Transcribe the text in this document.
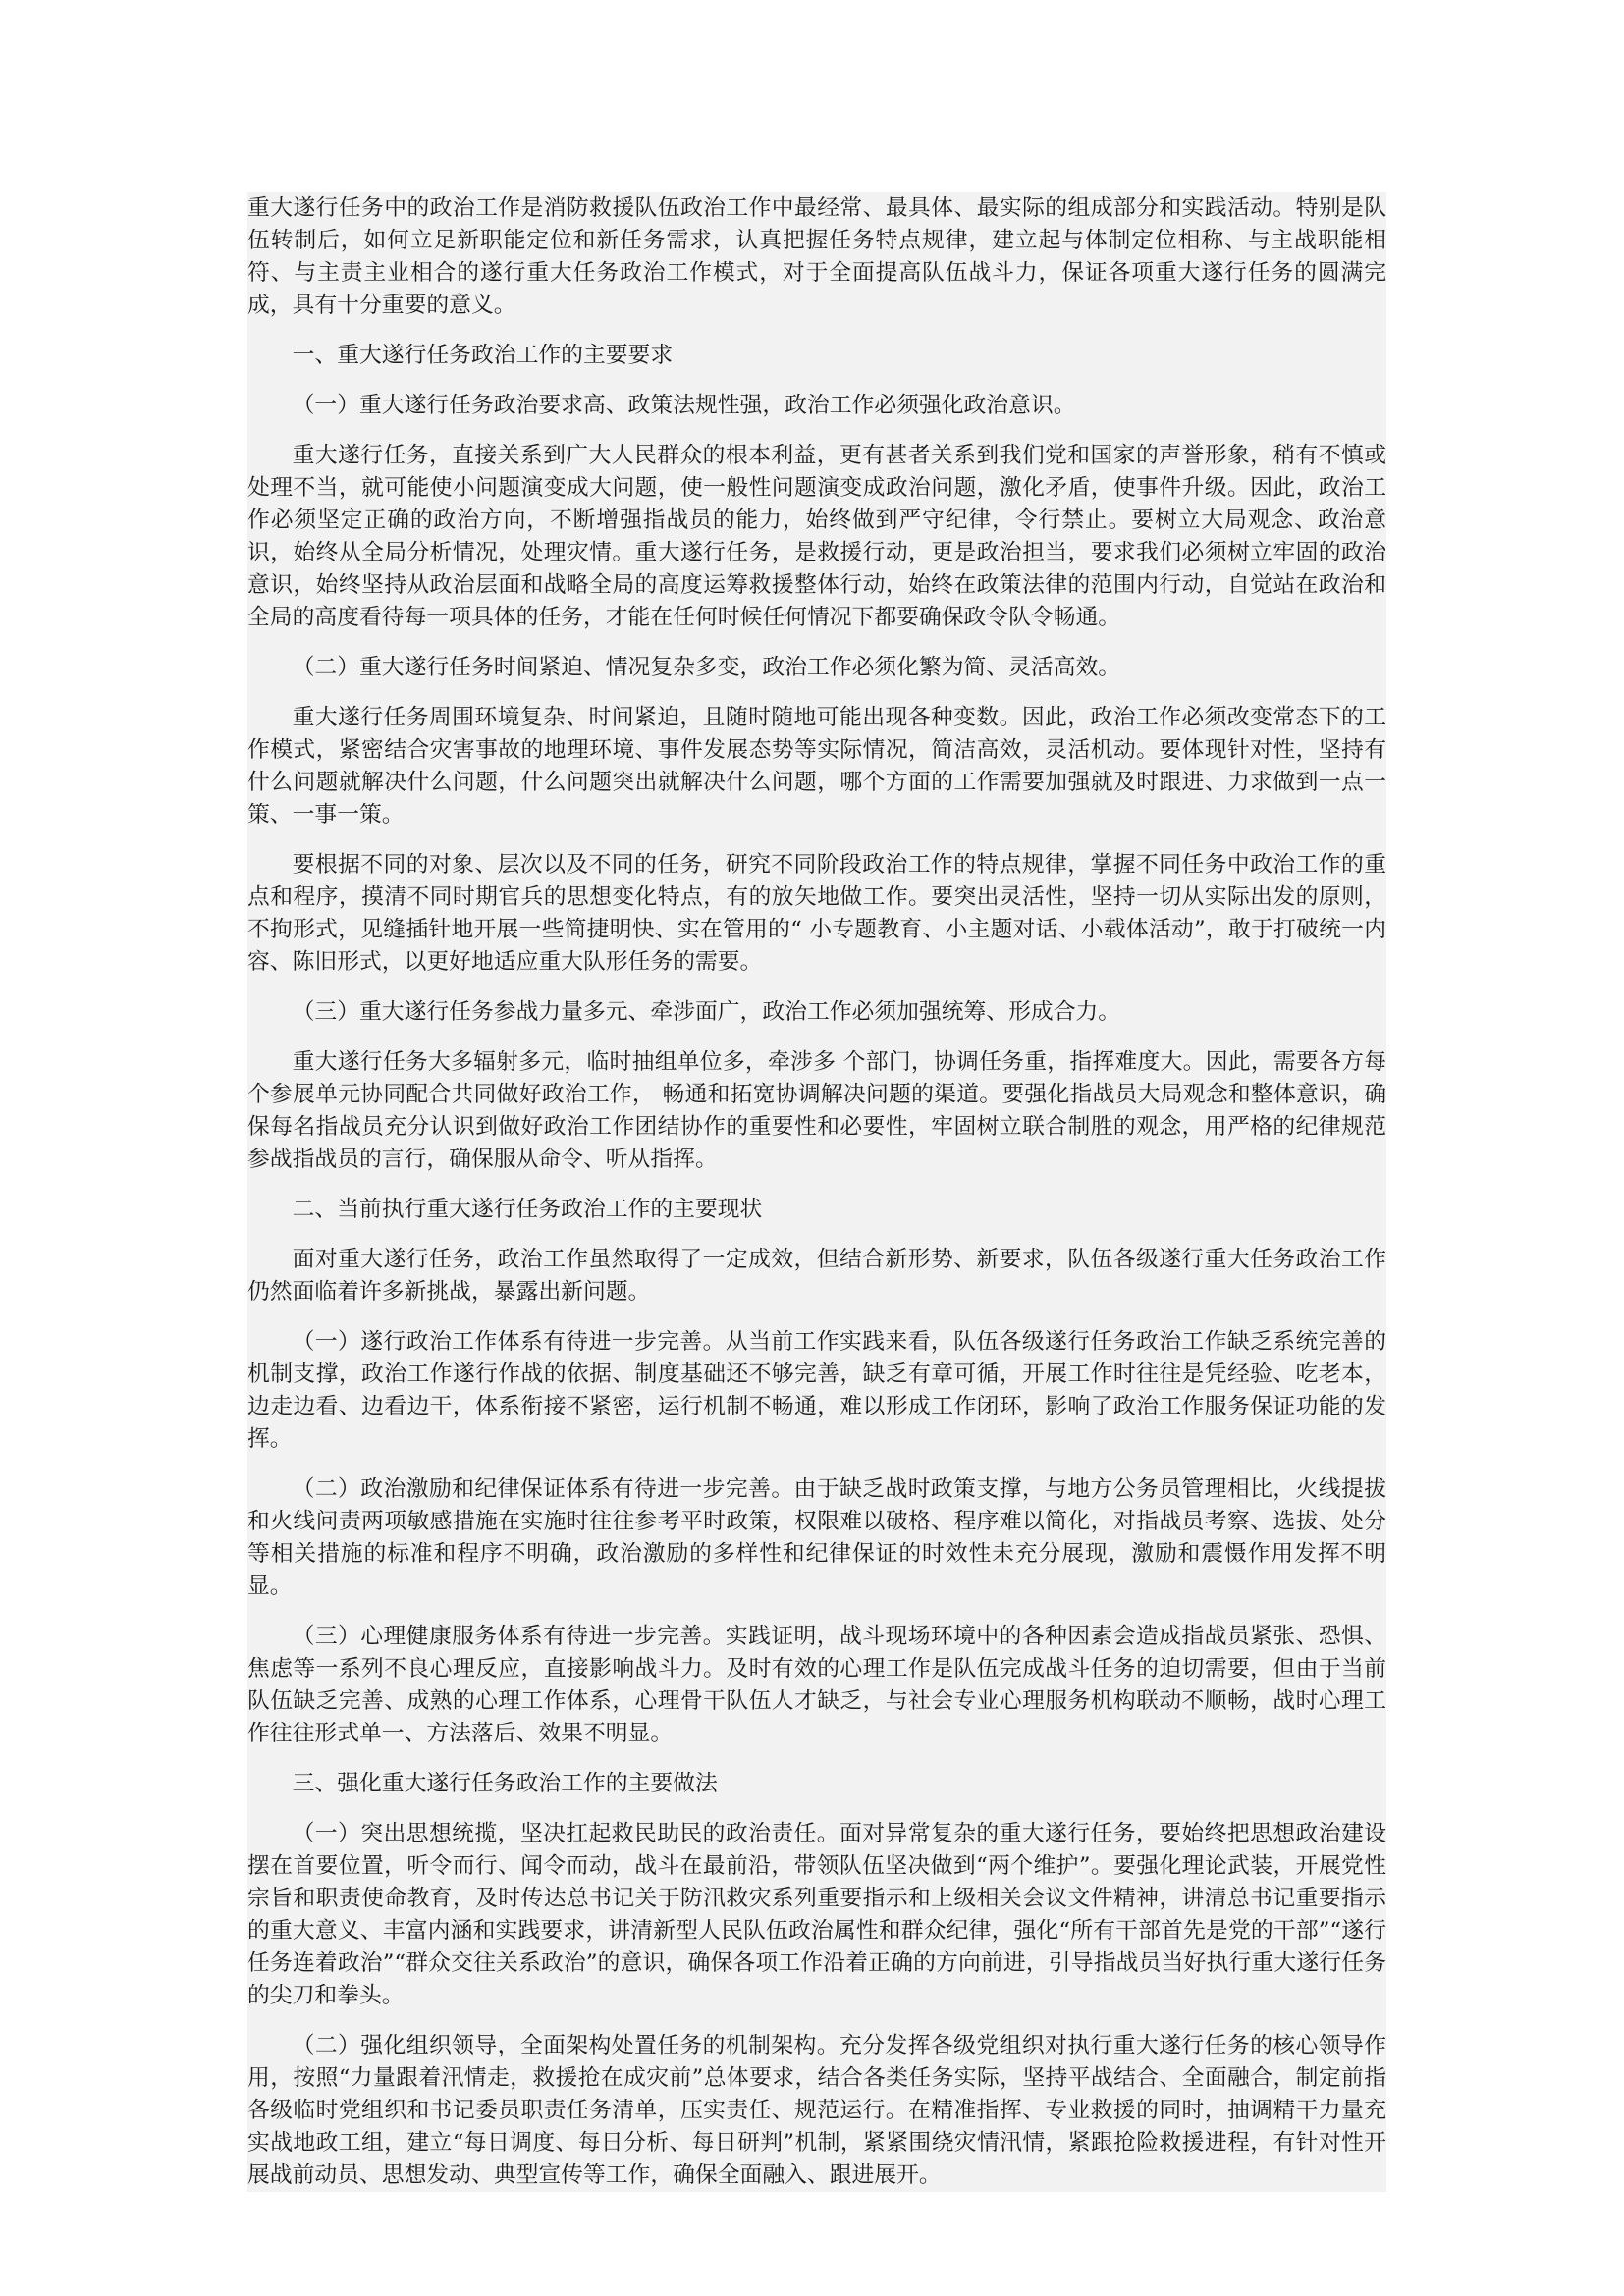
重大遂行任务中的政治工作是消防救援队伍政治工作中最经常、最具体、最实际的组成部分和实践活动。特别是队伍转制后，如何立足新职能定位和新任务需求，认真把握任务特点规律，建立起与体制定位相称、与主战职能相符、与主责主业相合的遂行重大任务政治工作模式，对于全面提高队伍战斗力，保证各项重大遂行任务的圆满完成，具有十分重要的意义。

一、重大遂行任务政治工作的主要要求

（一）重大遂行任务政治要求高、政策法规性强，政治工作必须强化政治意识。

重大遂行任务，直接关系到广大人民群众的根本利益，更有甚者关系到我们党和国家的声誉形象，稍有不慎或处理不当，就可能使小问题演变成大问题，使一般性问题演变成政治问题，激化矛盾，使事件升级。因此，政治工作必须坚定正确的政治方向，不断增强指战员的能力，始终做到严守纪律，令行禁止。要树立大局观念、政治意识，始终从全局分析情况，处理灾情。重大遂行任务，是救援行动，更是政治担当，要求我们必须树立牢固的政治意识，始终坚持从政治层面和战略全局的高度运筹救援整体行动，始终在政策法律的范围内行动，自觉站在政治和全局的高度看待每一项具体的任务，才能在任何时候任何情况下都要确保政令队令畅通。

（二）重大遂行任务时间紧迫、情况复杂多变，政治工作必须化繁为简、灵活高效。

重大遂行任务周围环境复杂、时间紧迫，且随时随地可能出现各种变数。因此，政治工作必须改变常态下的工作模式，紧密结合灾害事故的地理环境、事件发展态势等实际情况，简洁高效，灵活机动。要体现针对性，坚持有什么问题就解决什么问题，什么问题突出就解决什么问题，哪个方面的工作需要加强就及时跟进、力求做到一点一策、一事一策。

要根据不同的对象、层次以及不同的任务，研究不同阶段政治工作的特点规律，掌握不同任务中政治工作的重点和程序，摸清不同时期官兵的思想变化特点，有的放矢地做工作。要突出灵活性，坚持一切从实际出发的原则，不拘形式，见缝插针地开展一些简捷明快、实在管用的“ 小专题教育、小主题对话、小载体活动”，敢于打破统一内容、陈旧形式，以更好地适应重大队形任务的需要。

（三）重大遂行任务参战力量多元、牵涉面广，政治工作必须加强统筹、形成合力。

重大遂行任务大多辐射多元，临时抽组单位多，牵涉多 个部门，协调任务重，指挥难度大。因此，需要各方每个参展单元协同配合共同做好政治工作， 畅通和拓宽协调解决问题的渠道。要强化指战员大局观念和整体意识，确保每名指战员充分认识到做好政治工作团结协作的重要性和必要性，牢固树立联合制胜的观念，用严格的纪律规范参战指战员的言行，确保服从命令、听从指挥。

二、当前执行重大遂行任务政治工作的主要现状

面对重大遂行任务，政治工作虽然取得了一定成效，但结合新形势、新要求，队伍各级遂行重大任务政治工作仍然面临着许多新挑战，暴露出新问题。

（一）遂行政治工作体系有待进一步完善。从当前工作实践来看，队伍各级遂行任务政治工作缺乏系统完善的机制支撑，政治工作遂行作战的依据、制度基础还不够完善，缺乏有章可循，开展工作时往往是凭经验、吃老本，边走边看、边看边干，体系衔接不紧密，运行机制不畅通，难以形成工作闭环，影响了政治工作服务保证功能的发挥。

（二）政治激励和纪律保证体系有待进一步完善。由于缺乏战时政策支撑，与地方公务员管理相比，火线提拔和火线问责两项敏感措施在实施时往往参考平时政策，权限难以破格、程序难以简化，对指战员考察、选拔、处分等相关措施的标准和程序不明确，政治激励的多样性和纪律保证的时效性未充分展现，激励和震慑作用发挥不明显。

（三）心理健康服务体系有待进一步完善。实践证明，战斗现场环境中的各种因素会造成指战员紧张、恐惧、焦虑等一系列不良心理反应，直接影响战斗力。及时有效的心理工作是队伍完成战斗任务的迫切需要，但由于当前队伍缺乏完善、成熟的心理工作体系，心理骨干队伍人才缺乏，与社会专业心理服务机构联动不顺畅，战时心理工作往往形式单一、方法落后、效果不明显。

三、强化重大遂行任务政治工作的主要做法

（一）突出思想统揽，坚决扛起救民助民的政治责任。面对异常复杂的重大遂行任务，要始终把思想政治建设摆在首要位置，听令而行、闻令而动，战斗在最前沿，带领队伍坚决做到“两个维护”。要强化理论武装，开展党性宗旨和职责使命教育，及时传达总书记关于防汛救灾系列重要指示和上级相关会议文件精神，讲清总书记重要指示的重大意义、丰富内涵和实践要求，讲清新型人民队伍政治属性和群众纪律，强化“所有干部首先是党的干部”“遂行任务连着政治”“群众交往关系政治”的意识，确保各项工作沿着正确的方向前进，引导指战员当好执行重大遂行任务的尖刀和拳头。

（二）强化组织领导，全面架构处置任务的机制架构。充分发挥各级党组织对执行重大遂行任务的核心领导作用，按照“力量跟着汛情走，救援抢在成灾前”总体要求，结合各类任务实际，坚持平战结合、全面融合，制定前指各级临时党组织和书记委员职责任务清单，压实责任、规范运行。在精准指挥、专业救援的同时，抽调精干力量充实战地政工组，建立“每日调度、每日分析、每日研判”机制，紧紧围绕灾情汛情，紧跟抢险救援进程，有针对性开展战前动员、思想发动、典型宣传等工作，确保全面融入、跟进展开。
